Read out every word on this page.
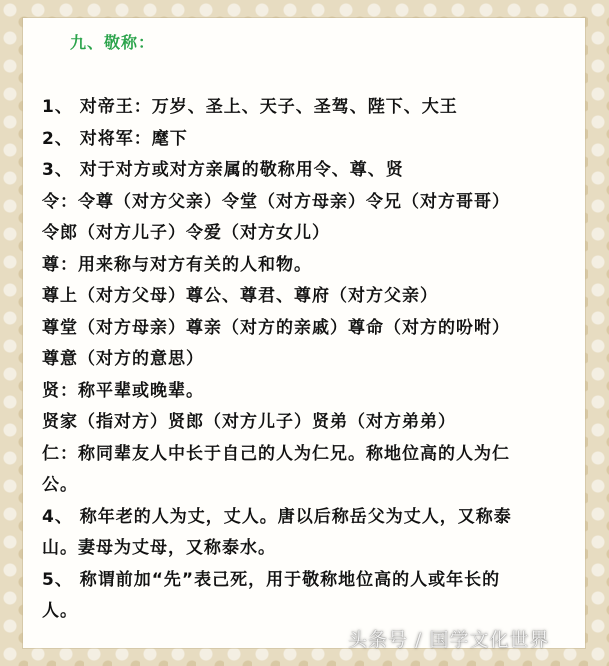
九、敬称：
1、 对帝王：万岁、圣上、天子、圣驾、陛下、大王
2、 对将军：麾下
3、 对于对方或对方亲属的敬称用令、尊、贤
令：令尊（对方父亲）令堂（对方母亲）令兄（对方哥哥）
令郎（对方儿子）令爱（对方女儿）
尊：用来称与对方有关的人和物。
尊上（对方父母）尊公、尊君、尊府（对方父亲）
尊堂（对方母亲）尊亲（对方的亲戚）尊命（对方的吩咐）
尊意（对方的意思）
贤：称平辈或晚辈。
贤家（指对方）贤郎（对方儿子）贤弟（对方弟弟）
仁：称同辈友人中长于自己的人为仁兄。称地位高的人为仁
公。
4、 称年老的人为丈，丈人。唐以后称岳父为丈人，又称泰
山。妻母为丈母，又称泰水。
5、 称谓前加“先”表己死，用于敬称地位高的人或年长的
人。
头条号 / 国学文化世界
